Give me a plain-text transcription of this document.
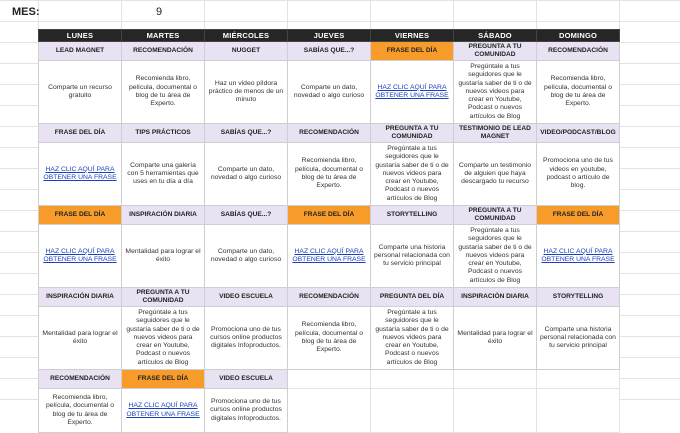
MES:	9
LUNES	MARTES	MIÉRCOLES	JUEVES	VIERNES	SÁBADO	DOMINGO
LEAD MAGNET	RECOMENDACIÓN	NUGGET	SABÍAS QUE...?	FRASE DEL DÍA	PREGUNTA A TU COMUNIDAD	RECOMENDACIÓN
Comparte un recurso gratuito	Recomienda libro, película, documental o blog de tu área de Experto.	Haz un video píldora práctico de menos de un minuto	Comparte un dato, novedad o algo curioso	HAZ CLIC AQUÍ PARA OBTENER UNA FRASE	Pregúntale a tus seguidores que le gustaría saber de ti o de nuevos videos para crear en Youtube, Podcast o nuevos artículos de Blog	Recomienda libro, película, documental o blog de tu área de Experto.
FRASE DEL DÍA	TIPS PRÁCTICOS	SABÍAS QUE...?	RECOMENDACIÓN	PREGUNTA A TU COMUNIDAD	TESTIMONIO DE LEAD MAGNET	VIDEO/PODCAST/BLOG
HAZ CLIC AQUÍ PARA OBTENER UNA FRASE	Comparte una galería con 5 herramientas que uses en tu día a día	Comparte un dato, novedad o algo curioso	Recomienda libro, película, documental o blog de tu área de Experto.	Pregúntale a tus seguidores que le gustaría saber de ti o de nuevos videos para crear en Youtube, Podcast o nuevos artículos de Blog	Comparte un testimonio de alguien que haya descargado tu recurso	Promociona uno de tus videos en youtube, podcast o artículo de blog.
FRASE DEL DÍA	INSPIRACIÓN DIARIA	SABÍAS QUE...?	FRASE DEL DÍA	STORYTELLING	PREGUNTA A TU COMUNIDAD	FRASE DEL DÍA
HAZ CLIC AQUÍ PARA OBTENER UNA FRASE	Mentalidad para lograr el éxito	Comparte un dato, novedad o algo curioso	HAZ CLIC AQUÍ PARA OBTENER UNA FRASE	Comparte una historia personal relacionada con tu servicio principal	Pregúntale a tus seguidores que le gustaría saber de ti o de nuevos videos para crear en Youtube, Podcast o nuevos artículos de Blog	HAZ CLIC AQUÍ PARA OBTENER UNA FRASE
INSPIRACIÓN DIARIA	PREGUNTA A TU COMUNIDAD	VIDEO ESCUELA	RECOMENDACIÓN	PREGUNTA DEL DÍA	INSPIRACIÓN DIARIA	STORYTELLING
Mentalidad para lograr el éxito	Pregúntale a tus seguidores que le gustaría saber de ti o de nuevos videos para crear en Youtube, Podcast o nuevos artículos de Blog	Promociona uno de tus cursos online productos digitales Infoproductos.	Recomienda libro, película, documental o blog de tu área de Experto.	Pregúntale a tus seguidores que le gustaría saber de ti o de nuevos videos para crear en Youtube, Podcast o nuevos artículos de Blog	Mentalidad para lograr el éxito	Comparte una historia personal relacionada con tu servicio principal
RECOMENDACIÓN	FRASE DEL DÍA	VIDEO ESCUELA				
Recomienda libro, película, documental o blog de tu área de Experto.	HAZ CLIC AQUÍ PARA OBTENER UNA FRASE	Promociona uno de tus cursos online productos digitales Infoproductos.				
